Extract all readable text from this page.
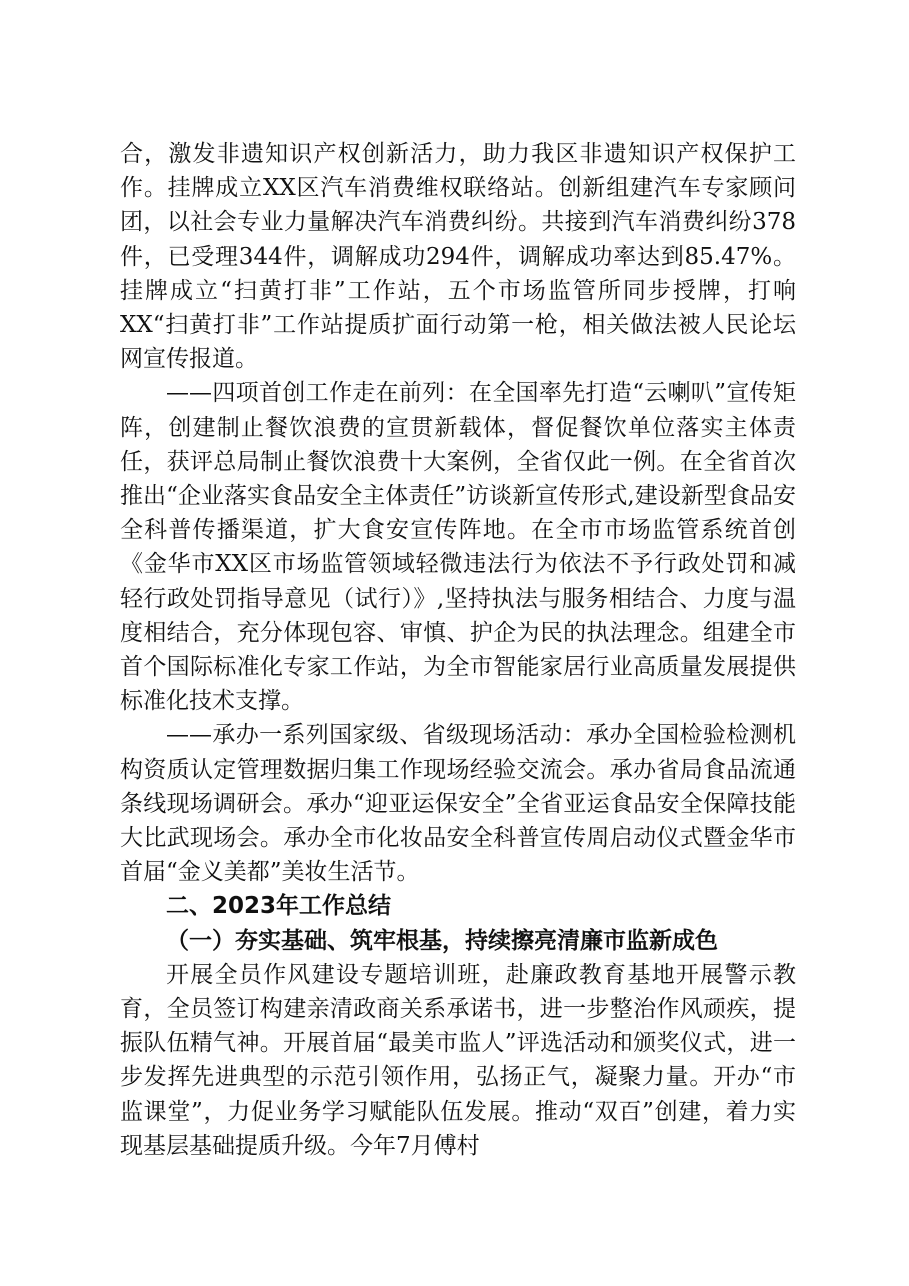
合，激发非遗知识产权创新活力，助力我区非遗知识产权保护工作。挂牌成立XX区汽车消费维权联络站。创新组建汽车专家顾问团，以社会专业力量解决汽车消费纠纷。共接到汽车消费纠纷378件，已受理344件，调解成功294件，调解成功率达到85.47%。挂牌成立“扫黄打非”工作站，五个市场监管所同步授牌，打响XX“扫黄打非”工作站提质扩面行动第一枪，相关做法被人民论坛网宣传报道。

——四项首创工作走在前列：在全国率先打造“云喇叭”宣传矩阵，创建制止餐饮浪费的宣贯新载体，督促餐饮单位落实主体责任，获评总局制止餐饮浪费十大案例，全省仅此一例。在全省首次推出“企业落实食品安全主体责任”访谈新宣传形式,建设新型食品安全科普传播渠道，扩大食安宣传阵地。在全市市场监管系统首创《金华市XX区市场监管领域轻微违法行为依法不予行政处罚和减轻行政处罚指导意见（试行）》,坚持执法与服务相结合、力度与温度相结合，充分体现包容、审慎、护企为民的执法理念。组建全市首个国际标准化专家工作站，为全市智能家居行业高质量发展提供标准化技术支撑。

——承办一系列国家级、省级现场活动：承办全国检验检测机构资质认定管理数据归集工作现场经验交流会。承办省局食品流通条线现场调研会。承办“迎亚运保安全”全省亚运食品安全保障技能大比武现场会。承办全市化妆品安全科普宣传周启动仪式暨金华市首届“金义美都”美妆生活节。

二、2023年工作总结

（一）夯实基础、筑牢根基，持续擦亮清廉市监新成色

开展全员作风建设专题培训班，赴廉政教育基地开展警示教育，全员签订构建亲清政商关系承诺书，进一步整治作风顽疾，提振队伍精气神。开展首届“最美市监人”评选活动和颁奖仪式，进一步发挥先进典型的示范引领作用，弘扬正气，凝聚力量。开办“市监课堂”，力促业务学习赋能队伍发展。推动“双百”创建，着力实现基层基础提质升级。今年7月傅村
